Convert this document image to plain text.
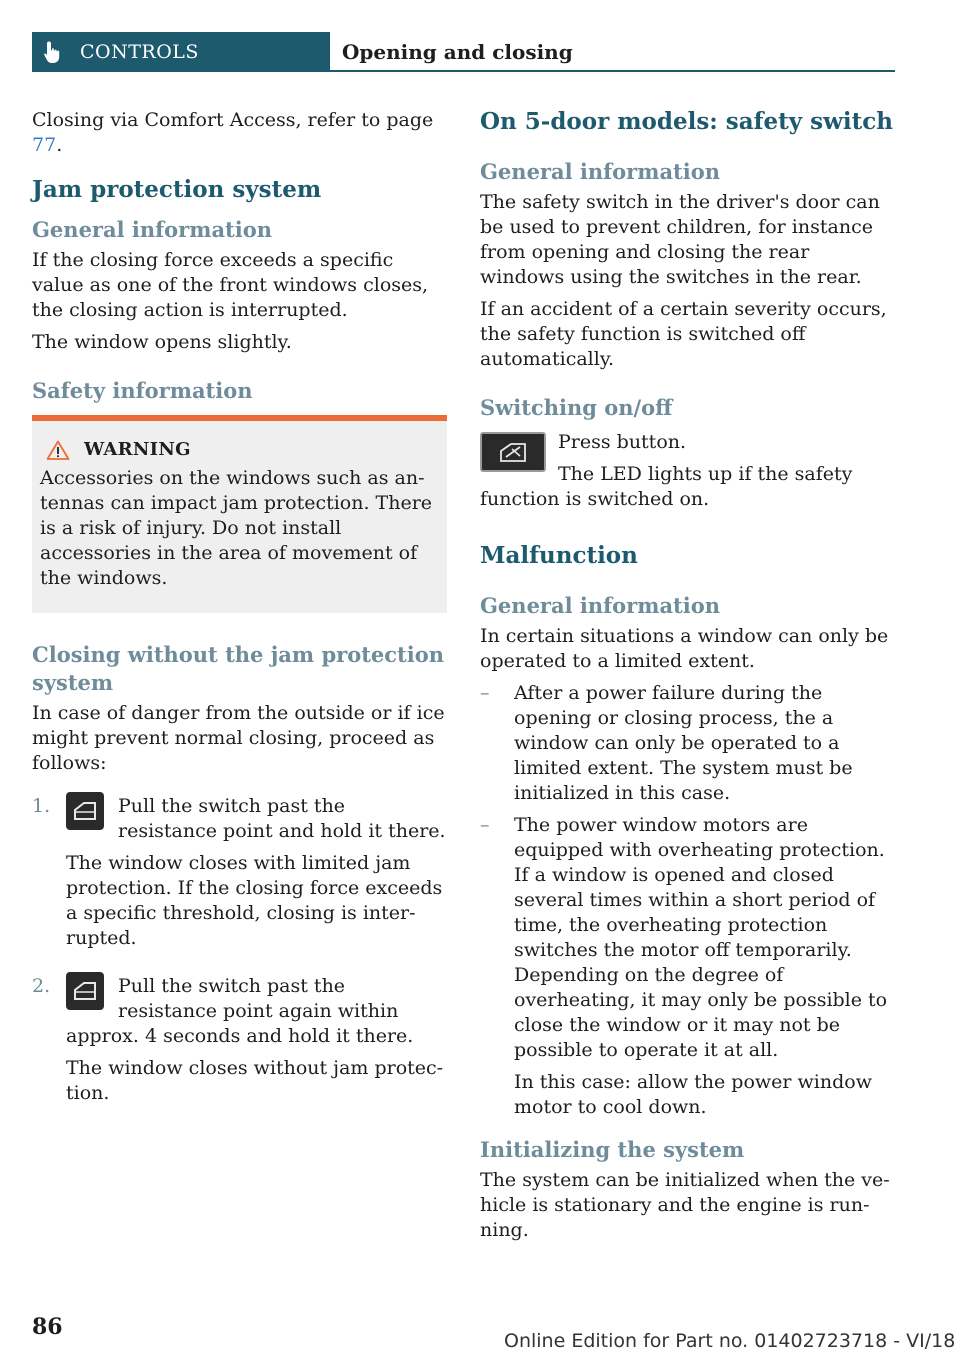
CONTROLS	Opening and closing

Closing via Comfort Access, refer to page 77.

Jam protection system
General information

If the closing force exceeds a specific value as one of the front windows closes, the closing action is interrupted.

The window opens slightly.

Safety information
WARNING

Accessories on the windows such as antennas can impact jam protection. There is a risk of injury. Do not install accessories in the area of movement of the windows.

Closing without the jam protection system

In case of danger from the outside or if ice might prevent normal closing, proceed as follows:

1.	Pull the switch past the resistance point and hold it there.

The window closes with limited jam protection. If the closing force exceeds a specific threshold, closing is interrupted.

2.	Pull the switch past the resistance point again within approx. 4 seconds and hold it there.

The window closes without jam protection.

On 5-door models: safety switch
General information

The safety switch in the driver's door can be used to prevent children, for instance from opening and closing the rear windows using the switches in the rear.

If an accident of a certain severity occurs, the safety function is switched off automatically.

Switching on/off

Press button.

The LED lights up if the safety function is switched on.

Malfunction
General information

In certain situations a window can only be operated to a limited extent.

– After a power failure during the opening or closing process, the a window can only be operated to a limited extent. The system must be initialized in this case.

– The power window motors are equipped with overheating protection. If a window is opened and closed several times within a short period of time, the overheating protection switches the motor off temporarily. Depending on the degree of overheating, it may only be possible to close the window or it may not be possible to operate it at all.

In this case: allow the power window motor to cool down.

Initializing the system

The system can be initialized when the vehicle is stationary and the engine is running.

86
Online Edition for Part no. 01402723718 - VI/18
